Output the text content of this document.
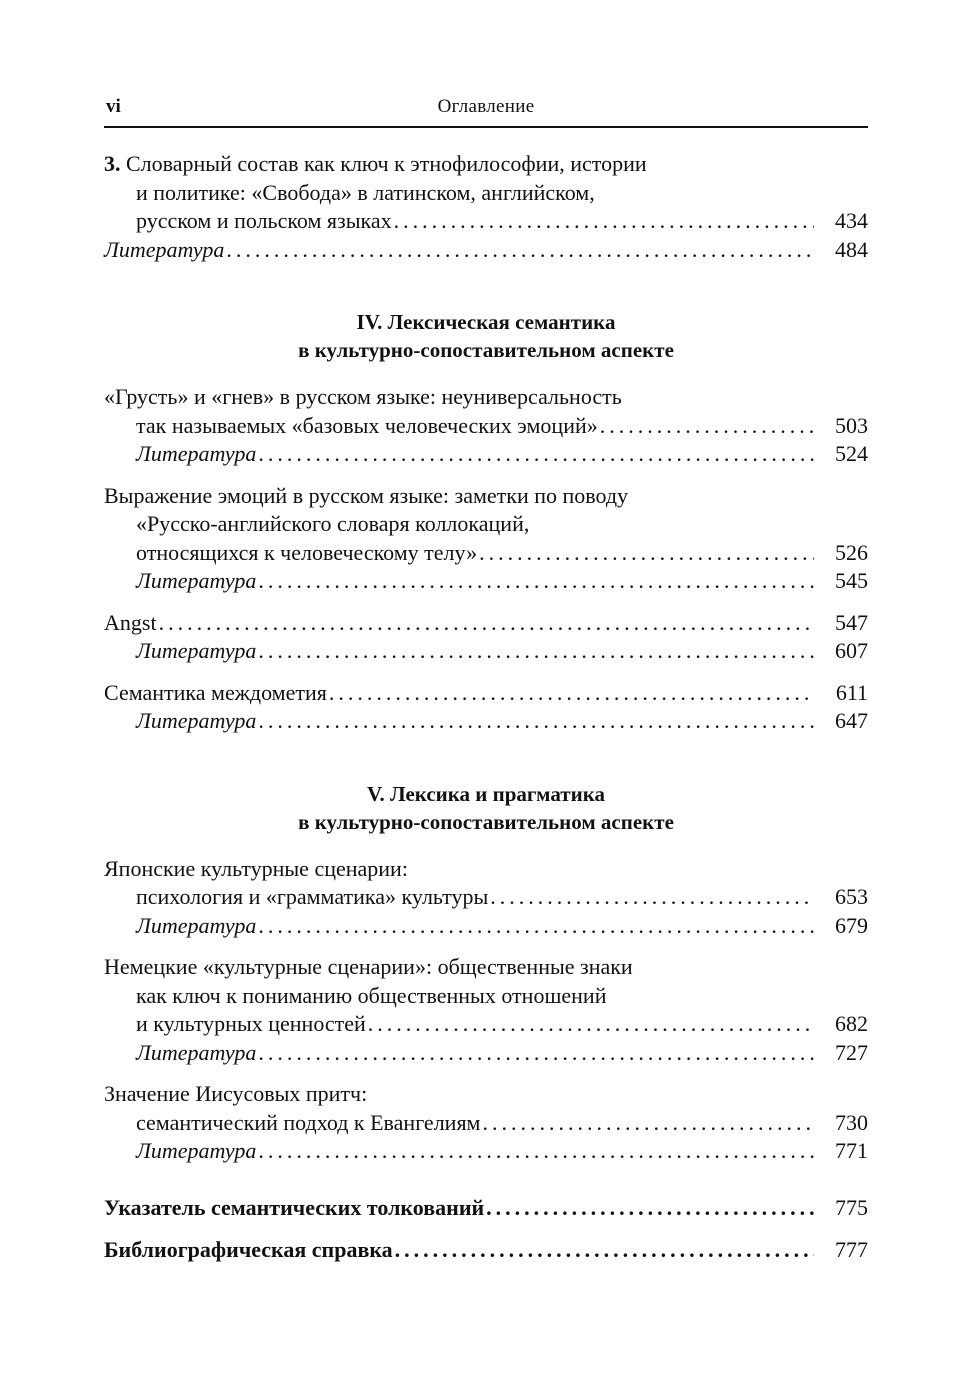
vi	Оглавление
3. Словарный состав как ключ к этнофилософии, истории
и политике: «Свобода» в латинском, английском,
русском и польском языках .....	434
Литература .....	484
IV. Лексическая семантика
в культурно-сопоставительном аспекте
«Грусть» и «гнев» в русском языке: неуниверсальность
так называемых «базовых человеческих эмоций» .....	503
Литература .....	524
Выражение эмоций в русском языке: заметки по поводу
«Русско-английского словаря коллокаций,
относящихся к человеческому телу» .....	526
Литература .....	545
Angst .....	547
Литература .....	607
Семантика междометия .....	611
Литература .....	647
V. Лексика и прагматика
в культурно-сопоставительном аспекте
Японские культурные сценарии:
психология и «грамматика» культуры .....	653
Литература .....	679
Немецкие «культурные сценарии»: общественные знаки
как ключ к пониманию общественных отношений
и культурных ценностей .....	682
Литература .....	727
Значение Иисусовых притч:
семантический подход к Евангелиям .....	730
Литература .....	771
Указатель семантических толкований .....	775
Библиографическая справка .....	777
